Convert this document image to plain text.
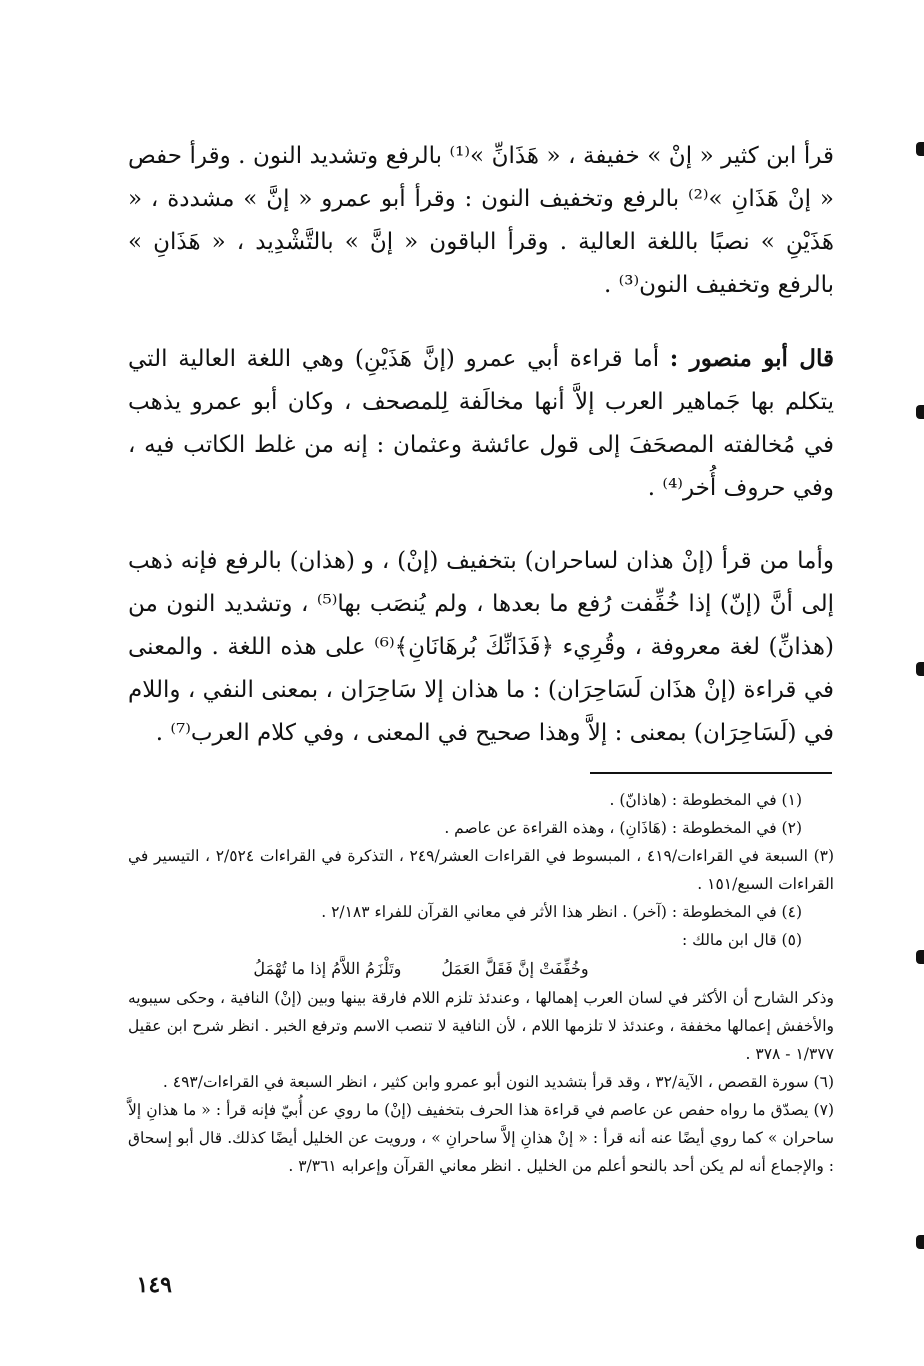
قرأ ابن كثير « إنْ » خفيفة ، « هَذَانِّ »⁽¹⁾ بالرفع وتشديد النون . وقرأ حفص « إنْ هَذَانِ »⁽²⁾ بالرفع وتخفيف النون : وقرأ أبو عمرو « إنَّ » مشددة ، « هَذَيْنِ » نصبًا باللغة العالية . وقرأ الباقون « إنَّ » بالتَّشْدِيد ، « هَذَانِ » بالرفع وتخفيف النون⁽³⁾ .

قال أبو منصور : أما قراءة أبي عمرو (إنَّ هَذَيْنِ) وهي اللغة العالية التي يتكلم بها جَماهير العرب إلاَّ أنها مخالَفة لِلمصحف ، وكان أبو عمرو يذهب في مُخالفته المصحَفَ إلى قول عائشة وعثمان : إنه من غلط الكاتب فيه ، وفي حروف أُخر⁽⁴⁾ .

وأما من قرأ (إنْ هذان لساحران) بتخفيف (إنْ) ، و (هذان) بالرفع فإنه ذهب إلى أنَّ (إنّ) إذا خُفِّفت رُفع ما بعدها ، ولم يُنصَب بها⁽⁵⁾ ، وتشديد النون من (هذانِّ) لغة معروفة ، وقُرِيء ﴿فَذَانِّكَ بُرهَانَانِ﴾⁽⁶⁾ على هذه اللغة . والمعنى في قراءة (إنْ هذَان لَسَاحِرَان) : ما هذان إلا سَاحِرَان ، بمعنى النفي ، واللام في (لَسَاحِرَان) بمعنى : إلاَّ وهذا صحيح في المعنى ، وفي كلام العرب⁽⁷⁾ .

(١) في المخطوطة : (هاذانّ) .

(٢) في المخطوطة : (هَاذَانِ) ، وهذه القراءة عن عاصم .

(٣) السبعة في القراءات/٤١٩ ، المبسوط في القراءات العشر/٢٤٩ ، التذكرة في القراءات ٢/٥٢٤ ، التيسير في القراءات السبع/١٥١ .

(٤) في المخطوطة : (آخر) . انظر هذا الأثر في معاني القرآن للفراء ٢/١٨٣ .

(٥) قال ابن مالك :

وخُفِّفَتْ إنَّ فَقَلَّ العَمَلُ
وتَلْزَمُ اللاَّمُ إذا ما تُهْمَلُ

وذكر الشارح أن الأكثر في لسان العرب إهمالها ، وعندئذ تلزم اللام فارقة بينها وبين (إنْ) النافية ، وحكى سيبويه والأخفش إعمالها مخففة ، وعندئذ لا تلزمها اللام ، لأن النافية لا تنصب الاسم وترفع الخبر . انظر شرح ابن عقيل ١/٣٧٧ - ٣٧٨ .

(٦) سورة القصص ، الآية/٣٢ ، وقد قرأ بتشديد النون أبو عمرو وابن كثير ، انظر السبعة في القراءات/٤٩٣ .

(٧) يصدّق ما رواه حفص عن عاصم في قراءة هذا الحرف بتخفيف (إنْ) ما روي عن أُبيّ فإنه قرأ : « ما هذانِ إلاَّ ساحران » كما روي أيضًا عنه أنه قرأ : « إنْ هذانِ إلاَّ ساحرانِ » ، ورويت عن الخليل أيضًا كذلك. قال أبو إسحاق : والإجماع أنه لم يكن أحد بالنحو أعلم من الخليل . انظر معاني القرآن وإعرابه ٣/٣٦١ .

١٤٩
